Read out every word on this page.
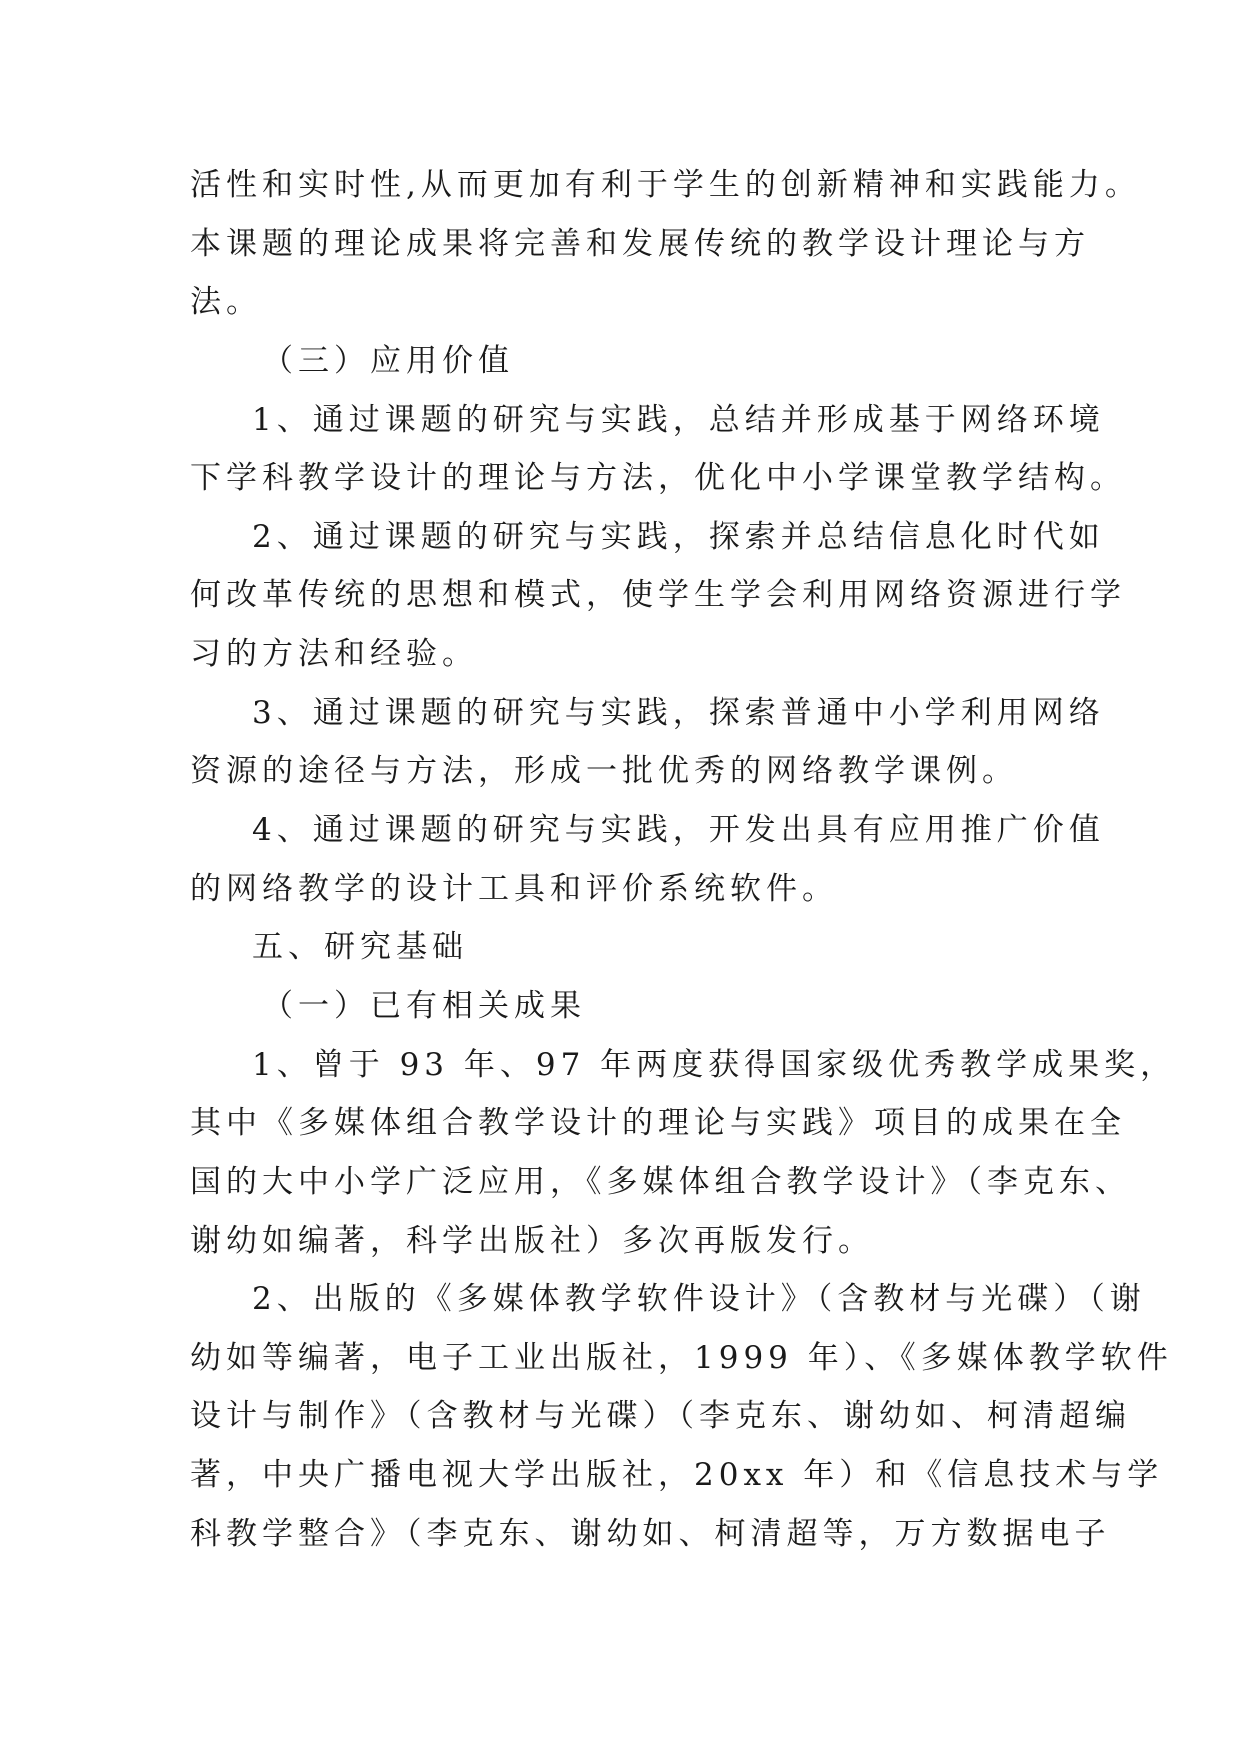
活性和实时性,从而更加有利于学生的创新精神和实践能力。
本课题的理论成果将完善和发展传统的教学设计理论与方
法。
（三）应用价值
1、通过课题的研究与实践，总结并形成基于网络环境
下学科教学设计的理论与方法，优化中小学课堂教学结构。
2、通过课题的研究与实践，探索并总结信息化时代如
何改革传统的思想和模式，使学生学会利用网络资源进行学
习的方法和经验。
3、通过课题的研究与实践，探索普通中小学利用网络
资源的途径与方法，形成一批优秀的网络教学课例。
4、通过课题的研究与实践，开发出具有应用推广价值
的网络教学的设计工具和评价系统软件。
五、研究基础
（一）已有相关成果
1、曾于 93 年、97 年两度获得国家级优秀教学成果奖，
其中《多媒体组合教学设计的理论与实践》项目的成果在全
国的大中小学广泛应用，《多媒体组合教学设计》（李克东、
谢幼如编著，科学出版社）多次再版发行。
2、出版的《多媒体教学软件设计》（含教材与光碟）（谢
幼如等编著，电子工业出版社，1999 年）、《多媒体教学软件
设计与制作》（含教材与光碟）（李克东、谢幼如、柯清超编
著，中央广播电视大学出版社，20xx 年）和《信息技术与学
科教学整合》（李克东、谢幼如、柯清超等，万方数据电子
